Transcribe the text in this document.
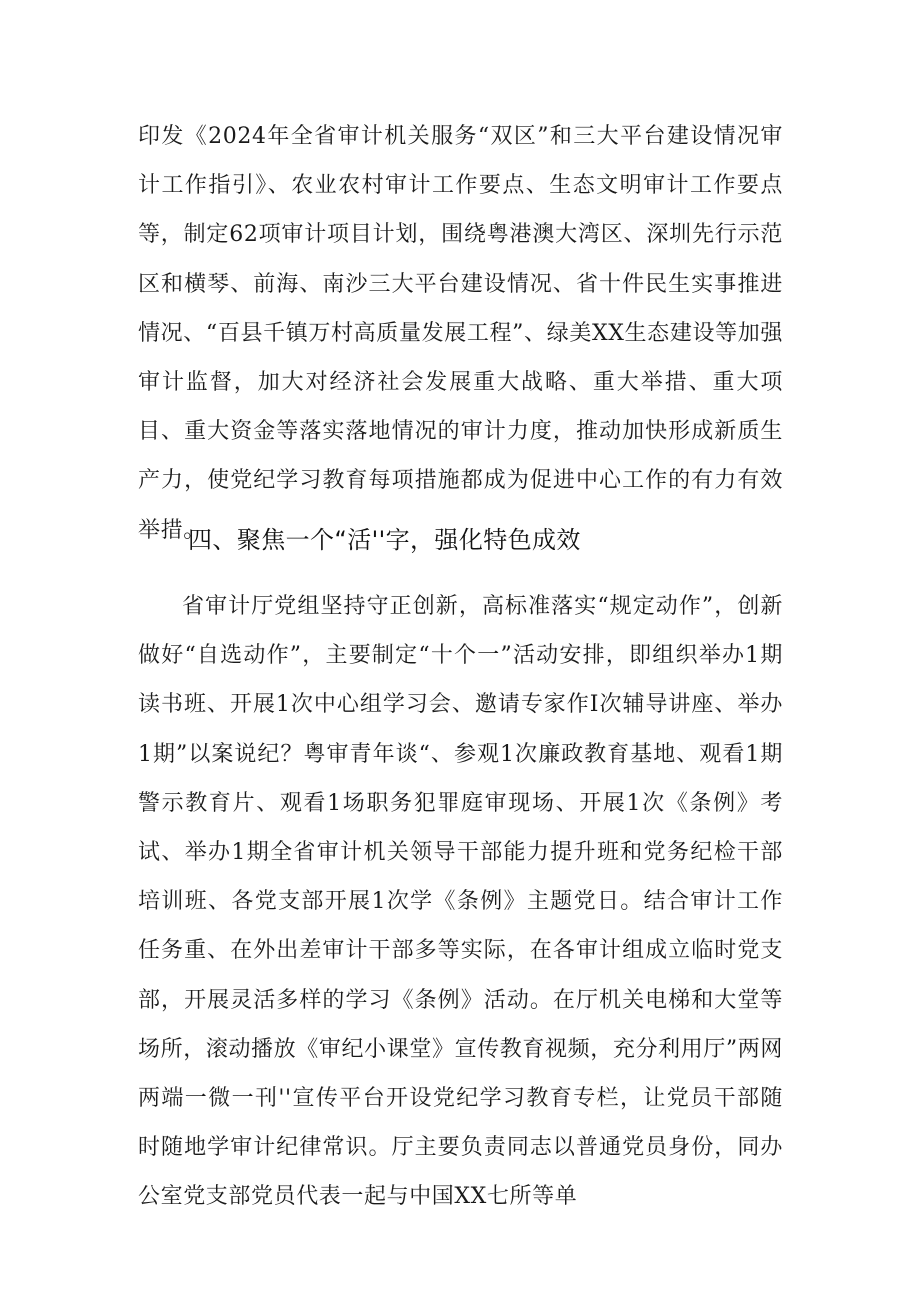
印发《2024年全省审计机关服务“双区”和三大平台建设情况审计工作指引》、农业农村审计工作要点、生态文明审计工作要点等，制定62项审计项目计划，围绕粤港澳大湾区、深圳先行示范区和横琴、前海、南沙三大平台建设情况、省十件民生实事推进情况、“百县千镇万村高质量发展工程”、绿美XX生态建设等加强审计监督，加大对经济社会发展重大战略、重大举措、重大项目、重大资金等落实落地情况的审计力度，推动加快形成新质生产力，使党纪学习教育每项措施都成为促进中心工作的有力有效举措。

四、聚焦一个“活''字，强化特色成效

省审计厅党组坚持守正创新，高标准落实“规定动作”，创新做好“自选动作”，主要制定“十个一”活动安排，即组织举办1期读书班、开展1次中心组学习会、邀请专家作I次辅导讲座、举办1期”以案说纪？粤审青年谈“、参观1次廉政教育基地、观看1期警示教育片、观看1场职务犯罪庭审现场、开展1次《条例》考试、举办1期全省审计机关领导干部能力提升班和党务纪检干部培训班、各党支部开展1次学《条例》主题党日。结合审计工作任务重、在外出差审计干部多等实际，在各审计组成立临时党支部，开展灵活多样的学习《条例》活动。在厅机关电梯和大堂等场所，滚动播放《审纪小课堂》宣传教育视频，充分利用厅”两网两端一微一刊''宣传平台开设党纪学习教育专栏，让党员干部随时随地学审计纪律常识。厅主要负责同志以普通党员身份，同办公室党支部党员代表一起与中国XX七所等单
